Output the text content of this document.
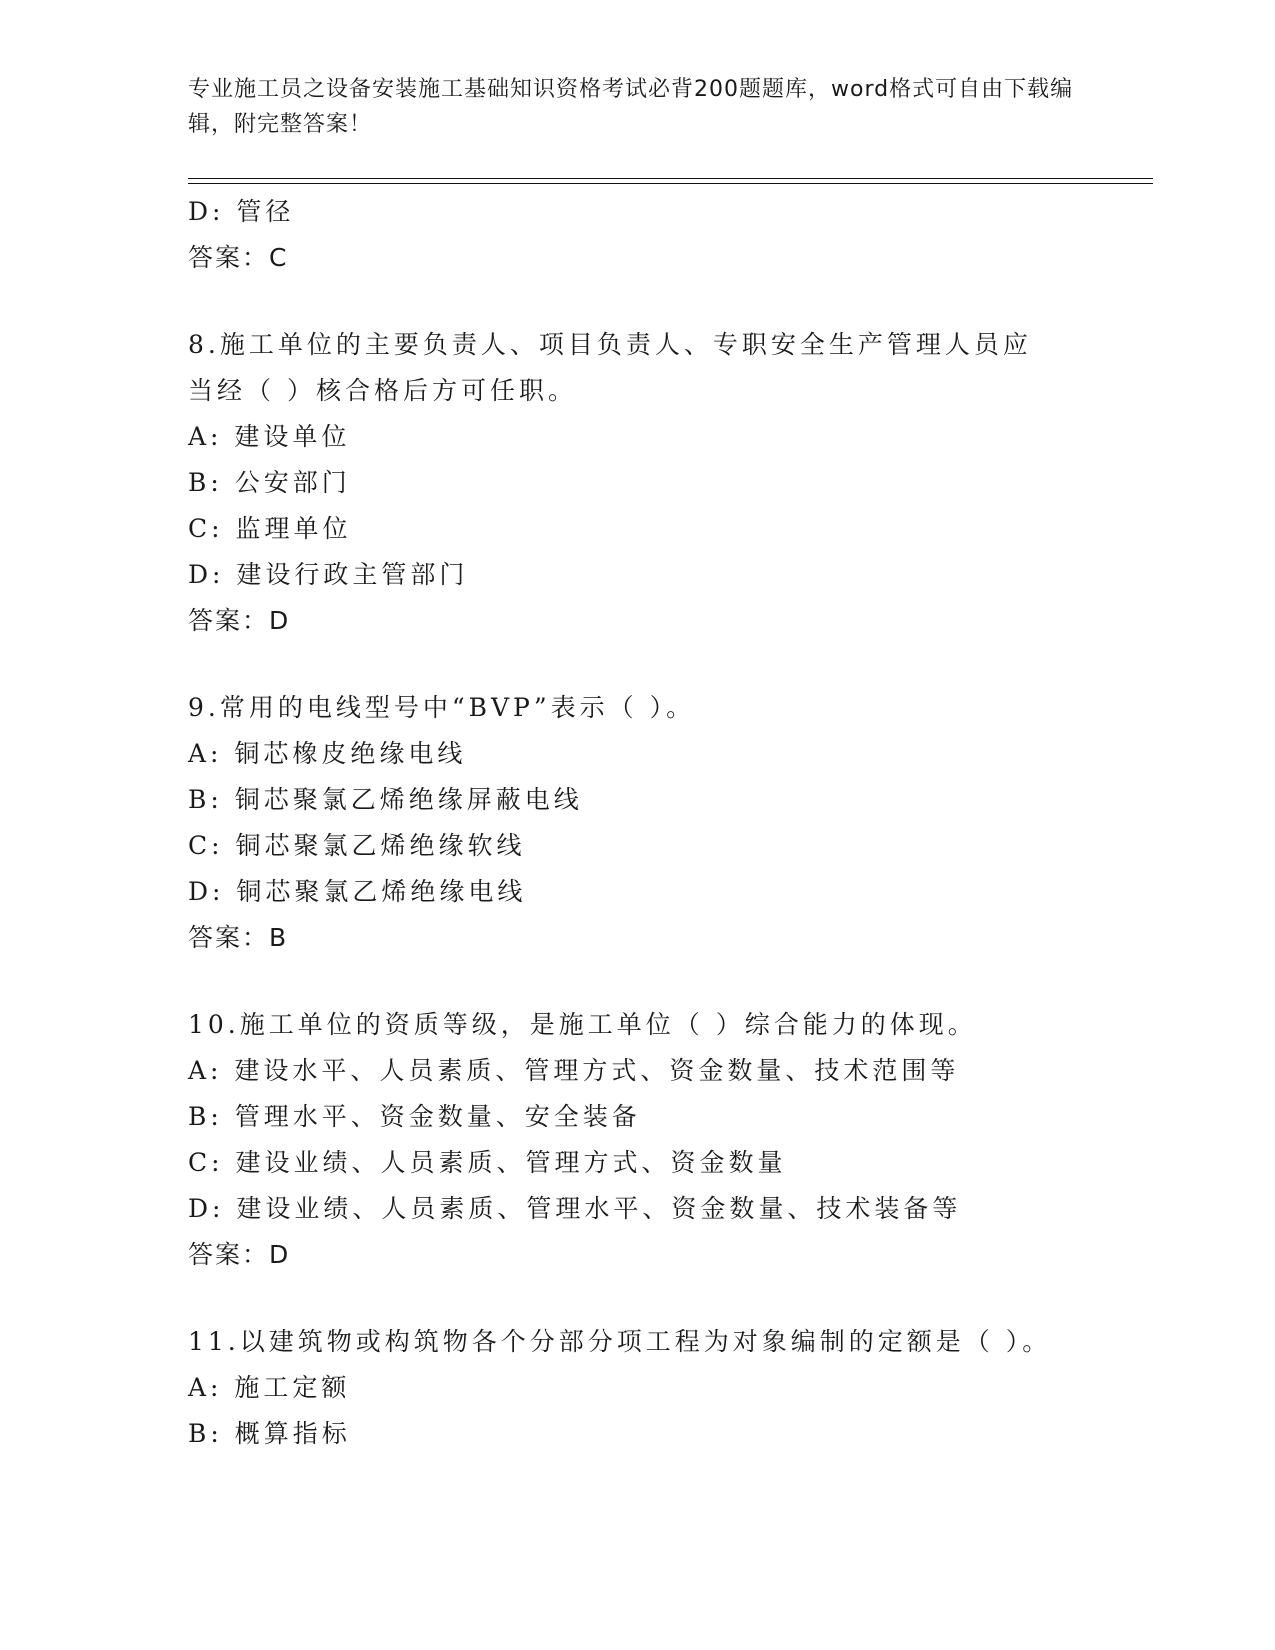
专业施工员之设备安装施工基础知识资格考试必背200题题库，word格式可自由下载编辑，附完整答案！
D: 管径
答案：C
8.施工单位的主要负责人、项目负责人、专职安全生产管理人员应当经（ ）核合格后方可任职。
A: 建设单位
B: 公安部门
C: 监理单位
D: 建设行政主管部门
答案：D
9.常用的电线型号中“BVP”表示（ ）。
A: 铜芯橡皮绝缘电线
B: 铜芯聚氯乙烯绝缘屏蔽电线
C: 铜芯聚氯乙烯绝缘软线
D: 铜芯聚氯乙烯绝缘电线
答案：B
10.施工单位的资质等级，是施工单位（ ）综合能力的体现。
A: 建设水平、人员素质、管理方式、资金数量、技术范围等
B: 管理水平、资金数量、安全装备
C: 建设业绩、人员素质、管理方式、资金数量
D: 建设业绩、人员素质、管理水平、资金数量、技术装备等
答案：D
11.以建筑物或构筑物各个分部分项工程为对象编制的定额是（ ）。
A: 施工定额
B: 概算指标
